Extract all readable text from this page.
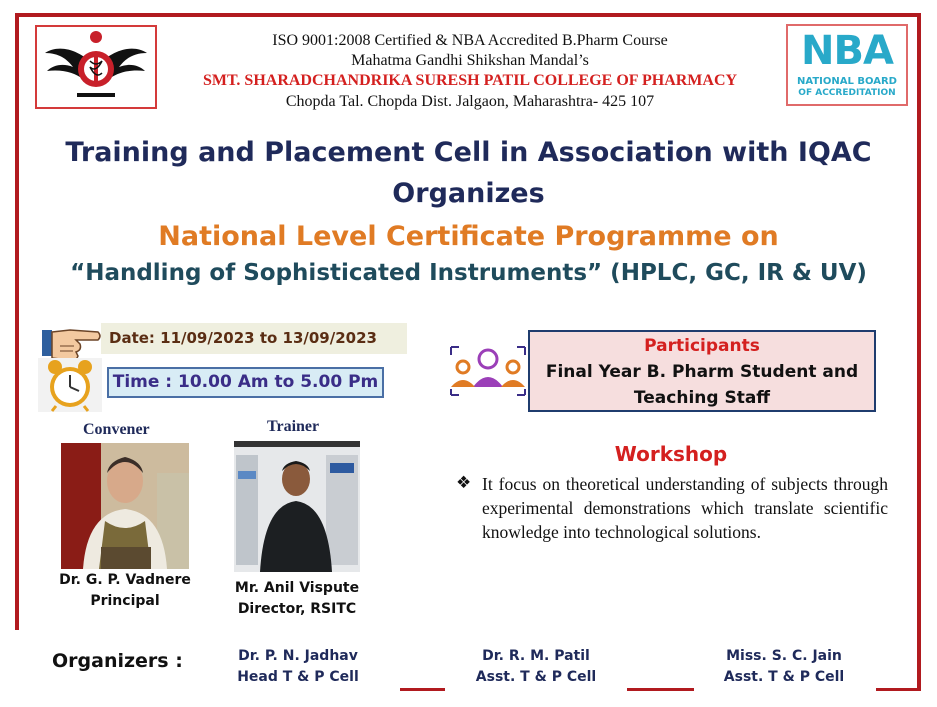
NBA
NATIONAL BOARD
OF ACCREDITATION
ISO 9001:2008 Certified & NBA Accredited B.Pharm Course
Mahatma Gandhi Shikshan Mandal’s
SMT. SHARADCHANDRIKA SURESH PATIL COLLEGE OF PHARMACY
Chopda Tal. Chopda Dist. Jalgaon, Maharashtra- 425 107
Training and Placement Cell in Association with IQAC
Organizes
National Level Certificate Programme on
“Handling of Sophisticated Instruments” (HPLC, GC, IR & UV)
Date: 11/09/2023 to 13/09/2023
Time : 10.00 Am to 5.00 Pm
Participants
Final Year B. Pharm Student and
Teaching Staff
Workshop
❖ It focus on theoretical understanding of subjects through experimental demonstrations which translate scientific knowledge into technological solutions.
Convener
Dr. G. P. Vadnere
Principal
Trainer
Mr. Anil Vispute
Director, RSITC
Organizers :	Dr. P. N. Jadhav
Head T & P Cell
Dr. R. M. Patil
Asst. T & P Cell
Miss. S. C. Jain
Asst. T & P Cell
